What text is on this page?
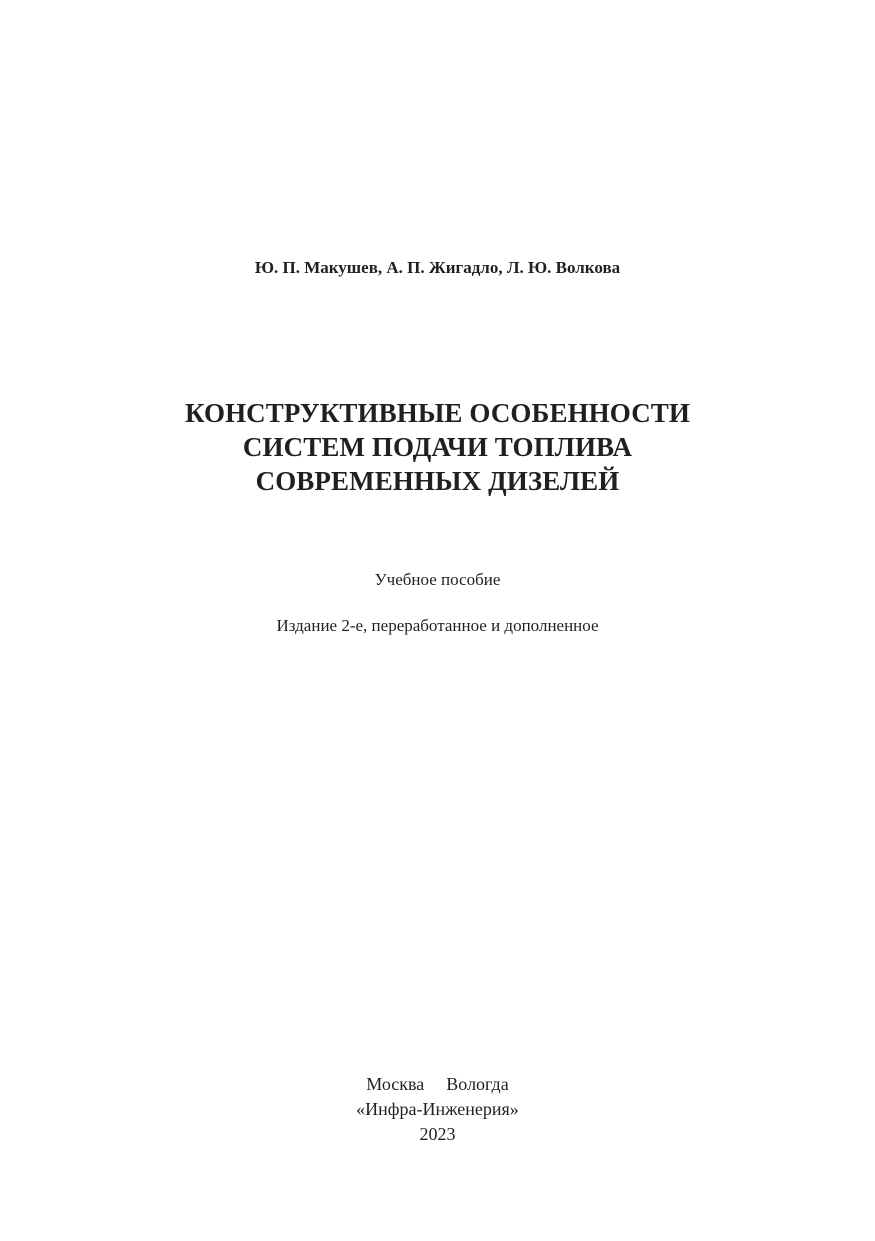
Ю. П. Макушев, А. П. Жигадло, Л. Ю. Волкова

КОНСТРУКТИВНЫЕ ОСОБЕННОСТИ
СИСТЕМ ПОДАЧИ ТОПЛИВА
СОВРЕМЕННЫХ ДИЗЕЛЕЙ

Учебное пособие

Издание 2-е, переработанное и дополненное

Москва Вологда
«Инфра-Инженерия»
2023
